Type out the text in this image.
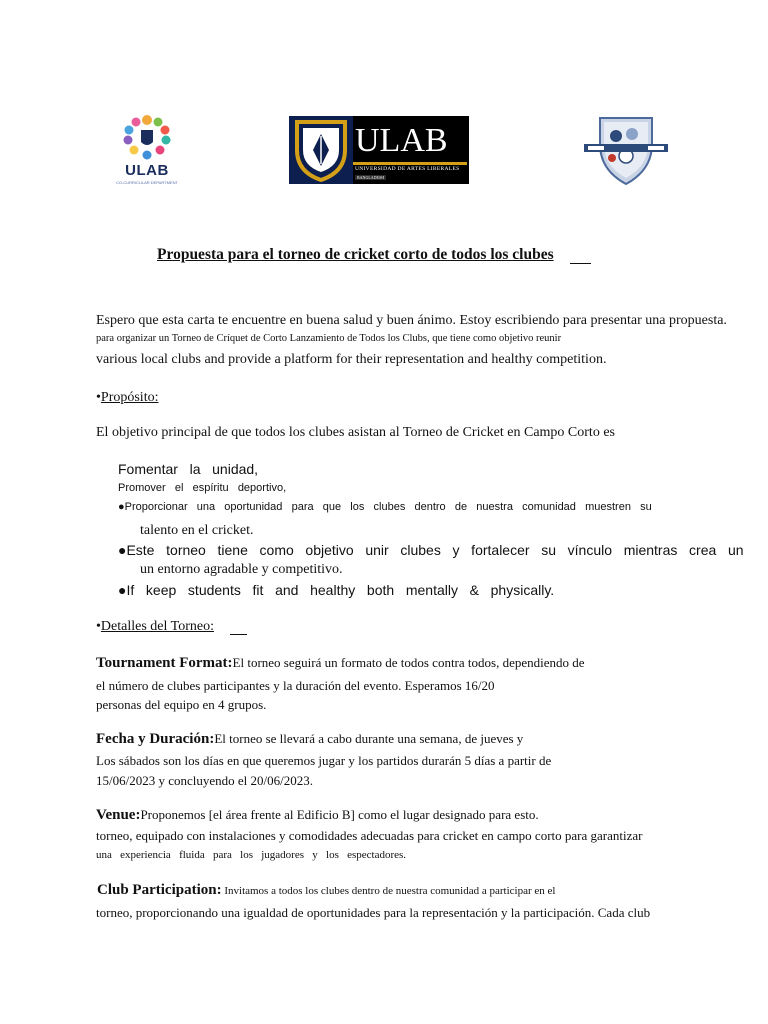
ULAB
CO-CURRICULAR DEPARTMENT
ULAB
UNIVERSIDAD DE ARTES LIBERALES
BANGLADESH
Propuesta para el torneo de cricket corto de todos los clubes
Espero que esta carta te encuentre en buena salud y buen ánimo. Estoy escribiendo para presentar una propuesta.
para organizar un Torneo de Críquet de Corto Lanzamiento de Todos los Clubs, que tiene como objetivo reunir
various local clubs and provide a platform for their representation and healthy competition.
•Propósito:
El objetivo principal de que todos los clubes asistan al Torneo de Cricket en Campo Corto es
Fomentar   la   unidad,
Promover   el   espíritu   deportivo,
●Proporcionar   una   oportunidad   para   que   los   clubes   dentro   de   nuestra   comunidad   muestren   su
talento en el cricket.
●Este   torneo   tiene   como   objetivo   unir   clubes   y   fortalecer   su   vínculo   mientras   crea   un
un entorno agradable y competitivo.
●If   keep   students   fit   and   healthy   both   mentally   &   physically.
•Detalles del Torneo:
Tournament Format:El torneo seguirá un formato de todos contra todos, dependiendo de
el número de clubes participantes y la duración del evento. Esperamos 16/20
personas del equipo en 4 grupos.
Fecha y Duración:El torneo se llevará a cabo durante una semana, de jueves y
Los sábados son los días en que queremos jugar y los partidos durarán 5 días a partir de
15/06/2023 y concluyendo el 20/06/2023.
Venue:Proponemos [el área frente al Edificio B] como el lugar designado para esto.
torneo, equipado con instalaciones y comodidades adecuadas para cricket en campo corto para garantizar
una   experiencia   fluida   para   los   jugadores   y   los   espectadores.
Club Participation: Invitamos a todos los clubes dentro de nuestra comunidad a participar en el
torneo, proporcionando una igualdad de oportunidades para la representación y la participación. Cada club
